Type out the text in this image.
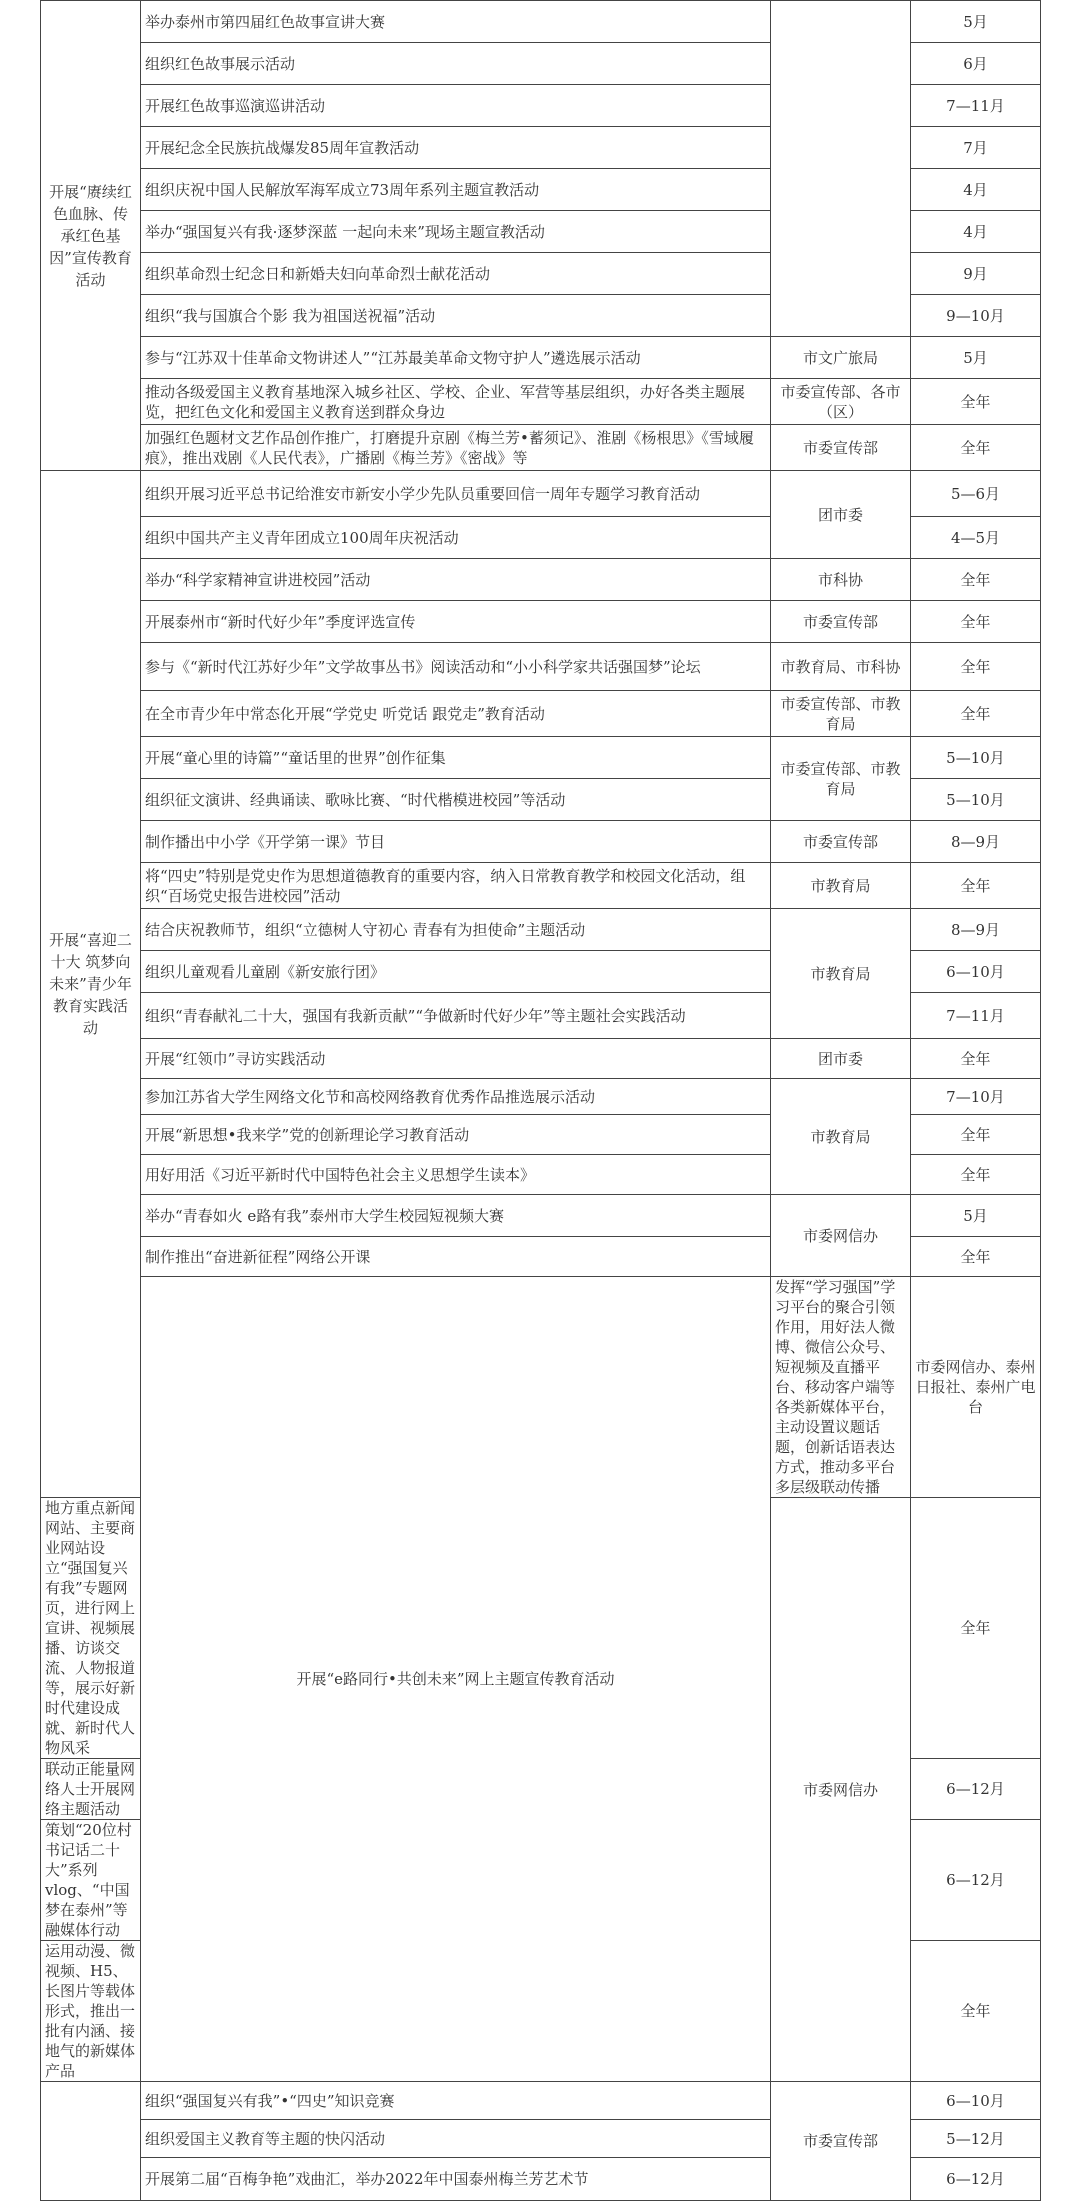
开展“赓续红色血脉、传承红色基因”宣传教育活动	举办泰州市第四届红色故事宣讲大赛		5月	
	组织红色故事展示活动		6月	
	开展红色故事巡演巡讲活动		7—11月	
	开展纪念全民族抗战爆发85周年宣教活动		7月	
	组织庆祝中国人民解放军海军成立73周年系列主题宣教活动		4月	
	举办“强国复兴有我·逐梦深蓝 一起向未来”现场主题宣教活动		4月	
	组织革命烈士纪念日和新婚夫妇向革命烈士献花活动		9月	
	组织“我与国旗合个影 我为祖国送祝福”活动		9—10月	
	参与“江苏双十佳革命文物讲述人”“江苏最美革命文物守护人”遴选展示活动	市文广旅局	5月	
	推动各级爱国主义教育基地深入城乡社区、学校、企业、军营等基层组织，办好各类主题展览，把红色文化和爱国主义教育送到群众身边	市委宣传部、各市（区）	全年	
	加强红色题材文艺作品创作推广，打磨提升京剧《梅兰芳•蓄须记》、淮剧《杨根思》《雪域履痕》，推出戏剧《人民代表》，广播剧《梅兰芳》《密战》等	市委宣传部	全年	
开展“喜迎二十大 筑梦向未来”青少年教育实践活动	组织开展习近平总书记给淮安市新安小学少先队员重要回信一周年专题学习教育活动	团市委	5—6月	
	组织中国共产主义青年团成立100周年庆祝活动		4—5月	
	举办“科学家精神宣讲进校园”活动	市科协	全年	
	开展泰州市“新时代好少年”季度评选宣传	市委宣传部	全年	
	参与《“新时代江苏好少年”文学故事丛书》阅读活动和“小小科学家共话强国梦”论坛	市教育局、市科协	全年	
	在全市青少年中常态化开展“学党史 听党话 跟党走”教育活动	市委宣传部、市教育局	全年	
	开展“童心里的诗篇”“童话里的世界”创作征集	市委宣传部、市教育局	5—10月	
	组织征文演讲、经典诵读、歌咏比赛、“时代楷模进校园”等活动		5—10月	
	制作播出中小学《开学第一课》节目	市委宣传部	8—9月	
	将“四史”特别是党史作为思想道德教育的重要内容，纳入日常教育教学和校园文化活动，组织“百场党史报告进校园”活动	市教育局	全年	
	结合庆祝教师节，组织“立德树人守初心 青春有为担使命”主题活动	市教育局	8—9月	
	组织儿童观看儿童剧《新安旅行团》		6—10月	
	组织“青春献礼二十大，强国有我新贡献”“争做新时代好少年”等主题社会实践活动		7—11月	
	开展“红领巾”寻访实践活动	团市委	全年	
	参加江苏省大学生网络文化节和高校网络教育优秀作品推选展示活动	市教育局	7—10月	
	开展“新思想•我来学”党的创新理论学习教育活动		全年	
	用好用活《习近平新时代中国特色社会主义思想学生读本》		全年	
	举办“青春如火 e路有我”泰州市大学生校园短视频大赛	市委网信办	5月	
	制作推出“奋进新征程”网络公开课		全年	
	开展“e路同行•共创未来”网上主题宣传教育活动	发挥“学习强国”学习平台的聚合引领作用，用好法人微博、微信公众号、短视频及直播平台、移动客户端等各类新媒体平台，主动设置议题话题，创新话语表达方式，推动多平台多层级联动传播	市委网信办、泰州日报社、泰州广电台	
地方重点新闻网站、主要商业网站设立“强国复兴有我”专题网页，进行网上宣讲、视频展播、访谈交流、人物报道等，展示好新时代建设成就、新时代人物风采		市委网信办	全年	
联动正能量网络人士开展网络主题活动			6—12月	
策划“20位村书记话二十大”系列vlog、“中国梦在泰州”等融媒体行动			6—12月	
运用动漫、微视频、H5、长图片等载体形式，推出一批有内涵、接地气的新媒体产品			全年	
	组织“强国复兴有我”•“四史”知识竞赛	市委宣传部	6—10月	
	组织爱国主义教育等主题的快闪活动		5—12月	
	开展第二届“百梅争艳”戏曲汇，举办2022年中国泰州梅兰芳艺术节		6—12月	
